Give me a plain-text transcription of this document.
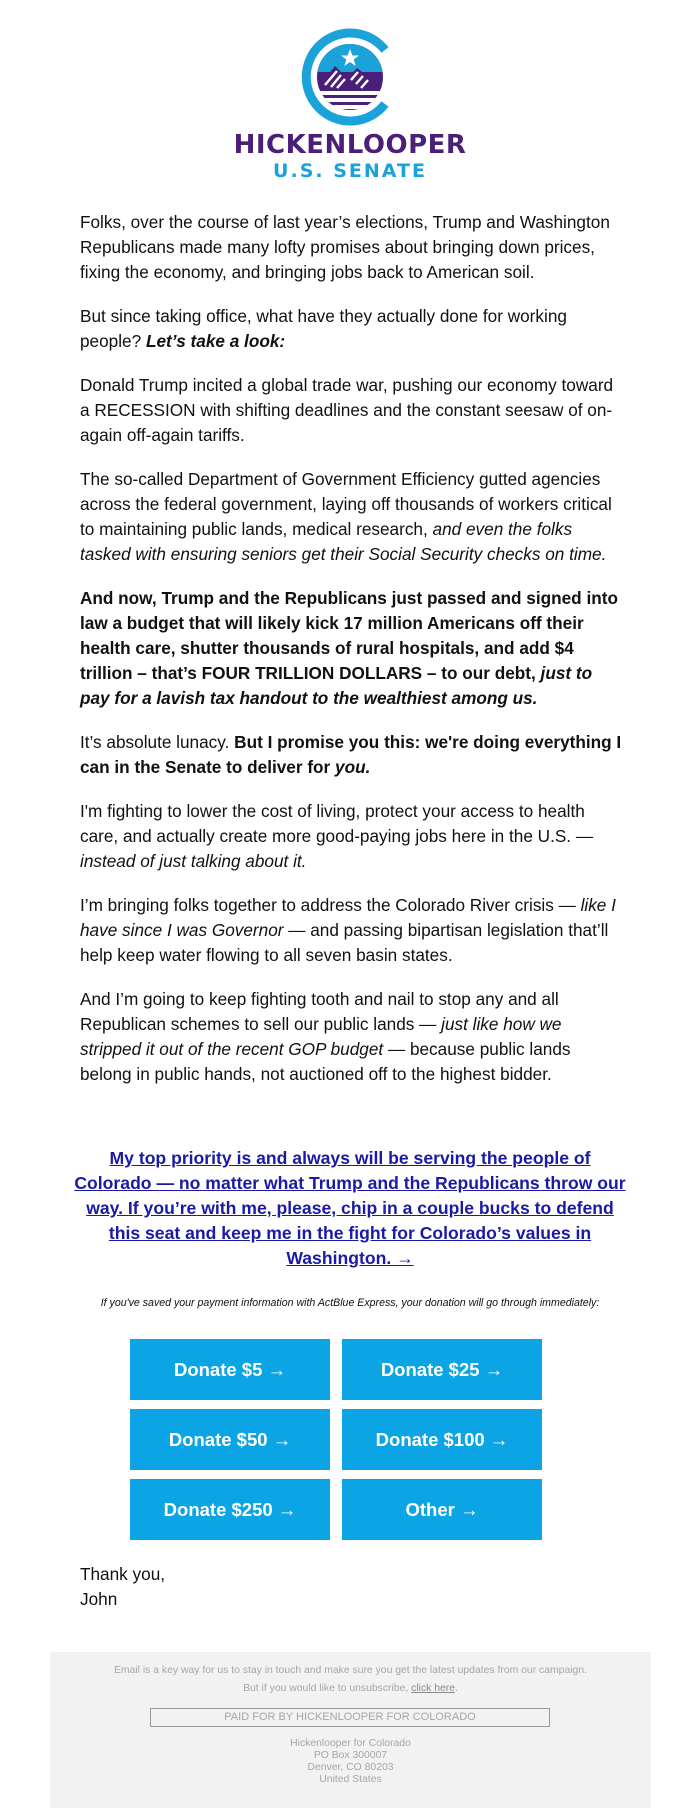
HICKENLOOPER
U.S. SENATE

Folks, over the course of last year’s elections, Trump and Washington Republicans made many lofty promises about bringing down prices, fixing the economy, and bringing jobs back to American soil.

But since taking office, what have they actually done for working people? Let’s take a look:

Donald Trump incited a global trade war, pushing our economy toward a RECESSION with shifting deadlines and the constant seesaw of on-again off-again tariffs.

The so-called Department of Government Efficiency gutted agencies across the federal government, laying off thousands of workers critical to maintaining public lands, medical research, and even the folks tasked with ensuring seniors get their Social Security checks on time.

And now, Trump and the Republicans just passed and signed into law a budget that will likely kick 17 million Americans off their health care, shutter thousands of rural hospitals, and add $4 trillion – that’s FOUR TRILLION DOLLARS – to our debt, just to pay for a lavish tax handout to the wealthiest among us.

It’s absolute lunacy. But I promise you this: we're doing everything I can in the Senate to deliver for you.

I'm fighting to lower the cost of living, protect your access to health care, and actually create more good-paying jobs here in the U.S. — instead of just talking about it.

I’m bringing folks together to address the Colorado River crisis — like I have since I was Governor — and passing bipartisan legislation that’ll help keep water flowing to all seven basin states.

And I’m going to keep fighting tooth and nail to stop any and all Republican schemes to sell our public lands — just like how we stripped it out of the recent GOP budget — because public lands belong in public hands, not auctioned off to the highest bidder.

My top priority is and always will be serving the people of Colorado — no matter what Trump and the Republicans throw our way. If you’re with me, please, chip in a couple bucks to defend this seat and keep me in the fight for Colorado’s values in Washington. →
If you've saved your payment information with ActBlue Express, your donation will go through immediately:
Donate $5 →	Donate $25 →
Donate $50 →	Donate $100 →
Donate $250 →	Other →
Thank you,
John
Email is a key way for us to stay in touch and make sure you get the latest updates from our campaign.
But if you would like to unsubscribe, click here.
PAID FOR BY HICKENLOOPER FOR COLORADO
Hickenlooper for Colorado
PO Box 300007
Denver, CO 80203
United States
